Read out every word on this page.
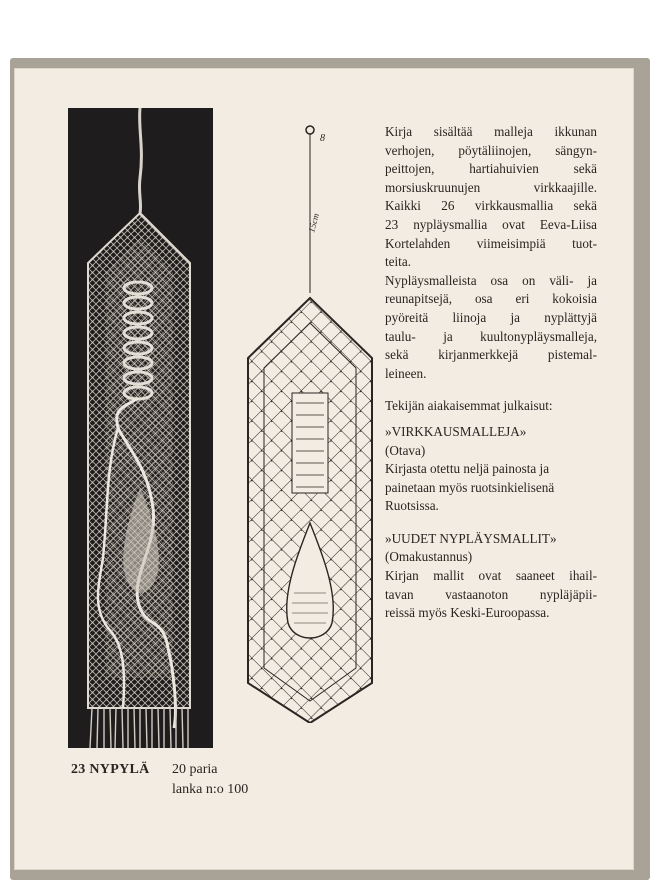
8
15cm

Kirja sisältää malleja ikkunan

verhojen, pöytäliinojen, sängyn-

peittojen, hartiahuivien sekä

morsiuskruunujen virkkaajille.

Kaikki 26 virkkausmallia sekä

23 nypläysmallia ovat Eeva-Liisa

Kortelahden viimeisimpiä tuot-

teita.

Nypläysmalleista osa on väli- ja

reunapitsejä, osa eri kokoisia

pyöreitä liinoja ja nyplättyjä

taulu- ja kuultonypläysmalleja,

sekä kirjanmerkkejä pistemal-

leineen.

Tekijän aiakaisemmat julkaisut:

»VIRKKAUSMALLEJA»

(Otava)

Kirjasta otettu neljä painosta ja

painetaan myös ruotsinkielisenä

Ruotsissa.

»UUDET NYPLÄYSMALLIT»

(Omakustannus)

Kirjan mallit ovat saaneet ihail-

tavan vastaanoton nypläjäpii-

reissä myös Keski-Euroopassa.

23 NYPYLÄ 20 paria
lanka n:o 100
